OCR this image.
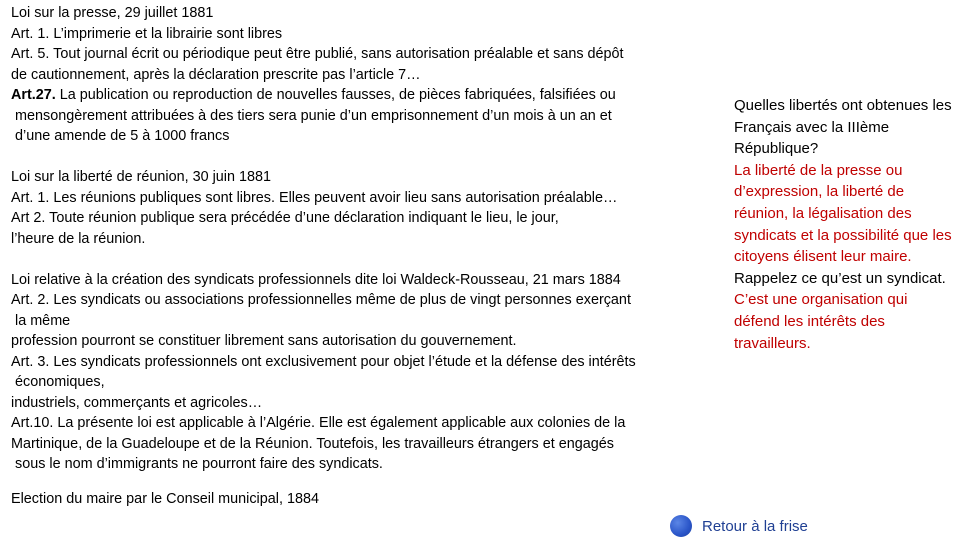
Loi sur la presse, 29 juillet 1881

Art. 1. L’imprimerie et la librairie sont libres

Art. 5. Tout journal écrit ou périodique peut être publié, sans autorisation préalable et sans dépôt

de cautionnement, après la déclaration prescrite pas l’article 7…

Art.27. La publication ou reproduction de nouvelles fausses, de pièces fabriquées, falsifiées ou

mensongèrement attribuées à des tiers sera punie d’un emprisonnement d’un mois à un an et

d’une amende de 5 à 1000 francs

Loi sur la liberté de réunion, 30 juin 1881

Art. 1. Les réunions publiques sont libres. Elles peuvent avoir lieu sans autorisation préalable…

Art 2. Toute réunion publique sera précédée d’une déclaration indiquant le lieu, le jour,

l’heure de la réunion.

Loi relative à la création des syndicats professionnels dite loi Waldeck-Rousseau, 21 mars 1884

Art. 2. Les syndicats ou associations professionnelles même de plus de vingt personnes exerçant

la même

profession pourront se constituer librement sans autorisation du gouvernement.

Art. 3. Les syndicats professionnels ont exclusivement pour objet l’étude et la défense des intérêts

économiques,

industriels, commerçants et agricoles…

Art.10. La présente loi est applicable à l’Algérie. Elle est également applicable aux colonies de la

Martinique, de la Guadeloupe et de la Réunion. Toutefois, les travailleurs étrangers et engagés

sous le nom d’immigrants ne pourront faire des syndicats.

Election du maire par le Conseil municipal, 1884

Quelles libertés ont obtenues les Français avec la IIIème République?

La liberté de la presse ou d’expression, la liberté de réunion, la légalisation des syndicats et la possibilité que les citoyens élisent leur maire.

Rappelez ce qu’est un syndicat.

C’est une organisation qui défend les intérêts des travailleurs.

Retour à la frise
